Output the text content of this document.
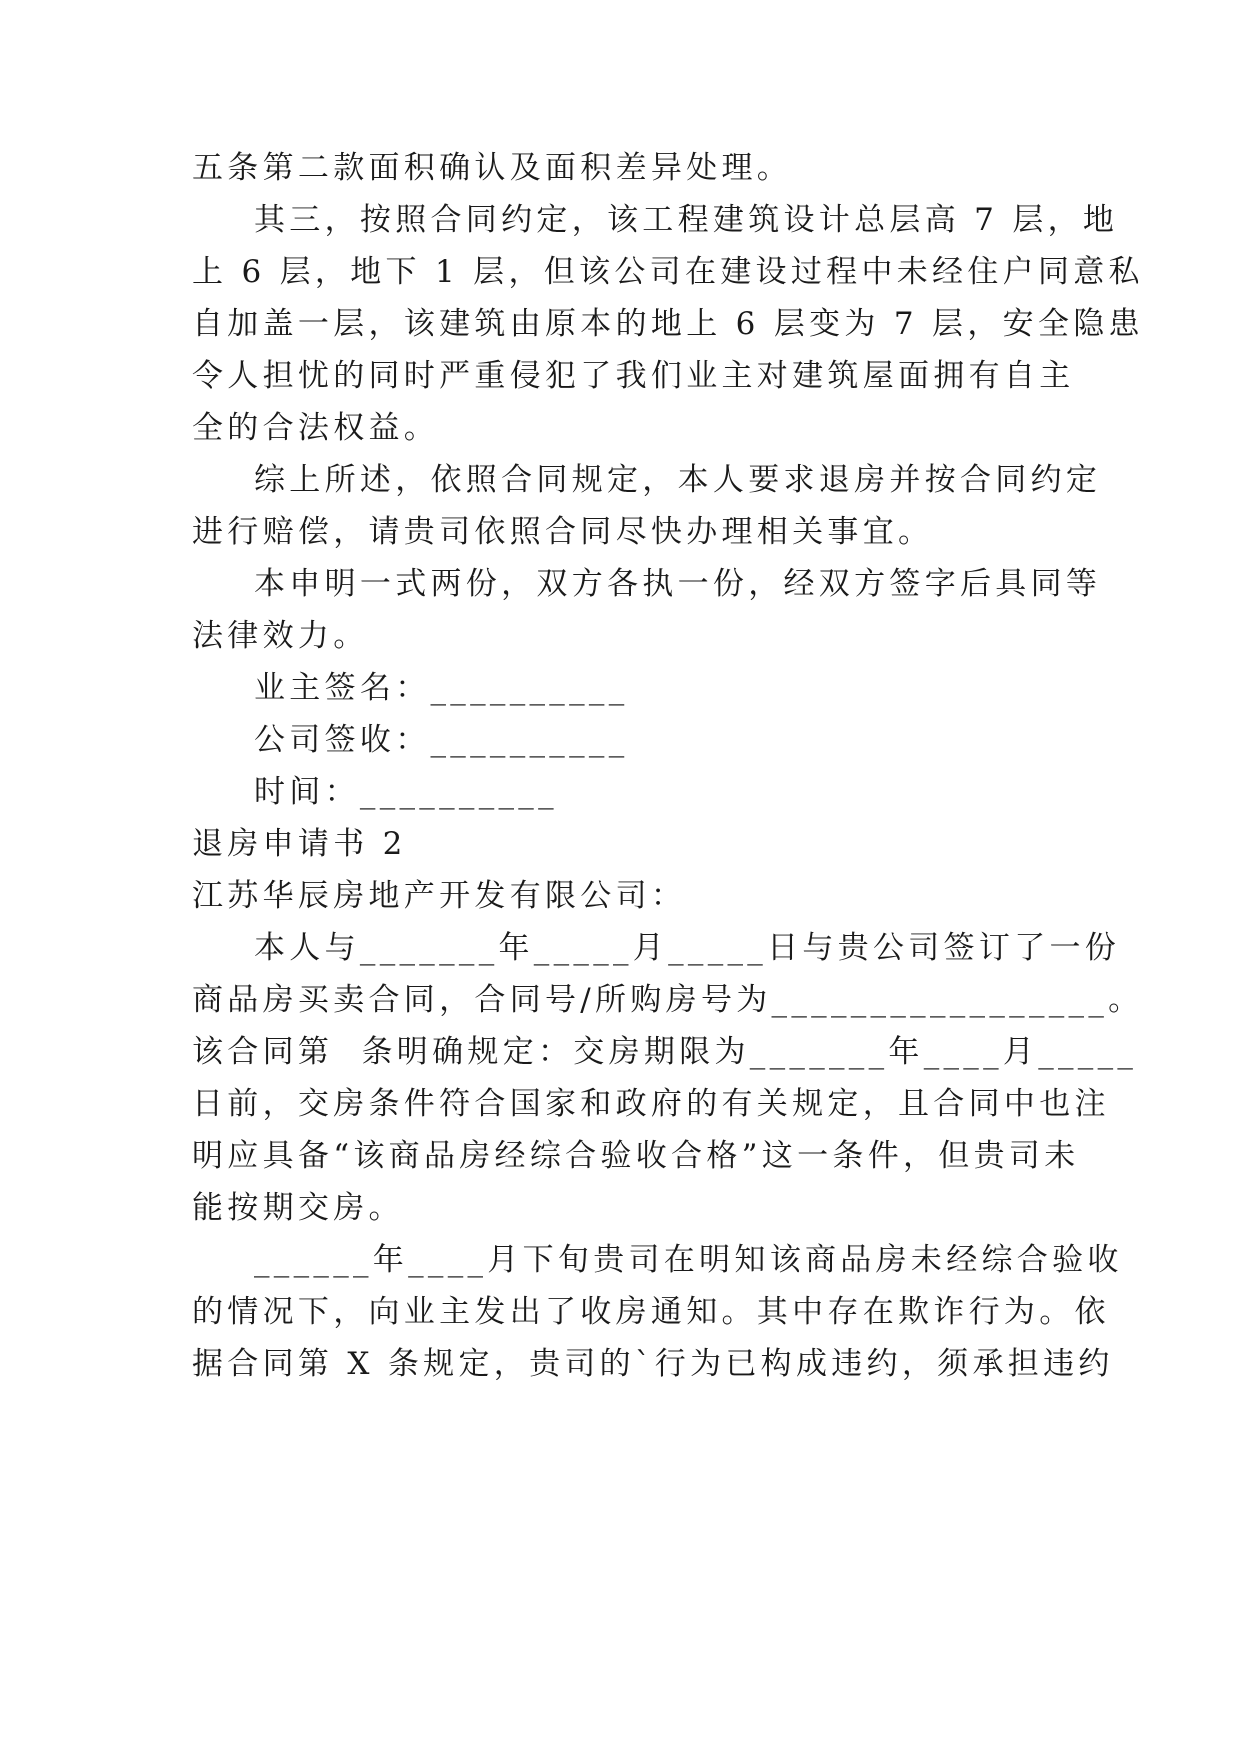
五条第二款面积确认及面积差异处理。
其三，按照合同约定，该工程建筑设计总层高 7 层，地
上 6 层，地下 1 层，但该公司在建设过程中未经住户同意私
自加盖一层，该建筑由原本的地上 6 层变为 7 层，安全隐患
令人担忧的同时严重侵犯了我们业主对建筑屋面拥有自主
全的合法权益。
综上所述，依照合同规定，本人要求退房并按合同约定
进行赔偿，请贵司依照合同尽快办理相关事宜。
本申明一式两份，双方各执一份，经双方签字后具同等
法律效力。
业主签名：__________
公司签收：__________
时间：__________
退房申请书 2
江苏华辰房地产开发有限公司：
本人与_______年_____月_____日与贵公司签订了一份
商品房买卖合同，合同号/所购房号为_________________。
该合同第  条明确规定：交房期限为_______年____月_____
日前，交房条件符合国家和政府的有关规定，且合同中也注
明应具备“该商品房经综合验收合格”这一条件，但贵司未
能按期交房。
______年____月下旬贵司在明知该商品房未经综合验收
的情况下，向业主发出了收房通知。其中存在欺诈行为。依
据合同第 X 条规定，贵司的`行为已构成违约，须承担违约
